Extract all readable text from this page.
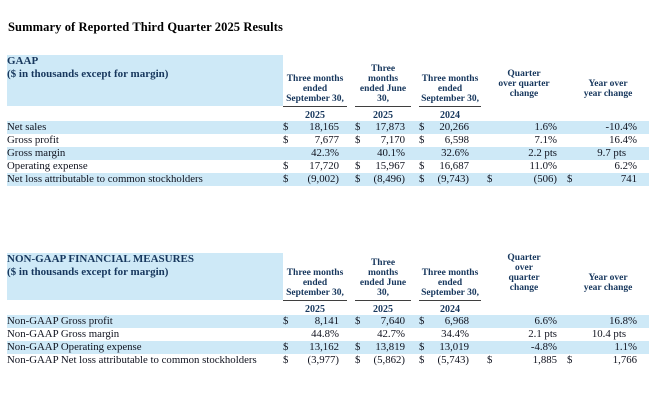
Summary of Reported Third Quarter 2025 Results
GAAP
($ in thousands except for margin)	Three months
ended
September 30,

Three
months
ended June
30,

Three months
ended
September 30,

Quarter
over quarter
change

Year over
year change

	2025			2025			2024							
Net sales	$	18,165		$	17,873		$	20,266			1.6%			-10.4%
Gross profit	$	7,677		$	7,170		$	6,598			7.1%			16.4%
Gross margin		42.3%			40.1%			32.6%			2.2 pts			9.7 pts
Operating expense	$	17,720		$	15,967		$	16,687			11.0%			6.2%
Net loss attributable to common stockholders	$	(9,002)		$	(8,496)		$	(9,743)		$	(506)		$	741
NON-GAAP FINANCIAL MEASURES
($ in thousands except for margin)	Three months
ended
September 30,

Three
months
ended June
30,

Three months
ended
September 30,

Quarter
over
quarter
change

Year over
year change

	2025			2025			2024							
Non-GAAP Gross profit	$	8,141		$	7,640		$	6,968			6.6%			16.8%
Non-GAAP Gross margin		44.8%			42.7%			34.4%			2.1 pts			10.4 pts
Non-GAAP Operating expense	$	13,162		$	13,819		$	13,019			-4.8%			1.1%
Non-GAAP Net loss attributable to common stockholders	$	(3,977)		$	(5,862)		$	(5,743)		$	1,885		$	1,766
